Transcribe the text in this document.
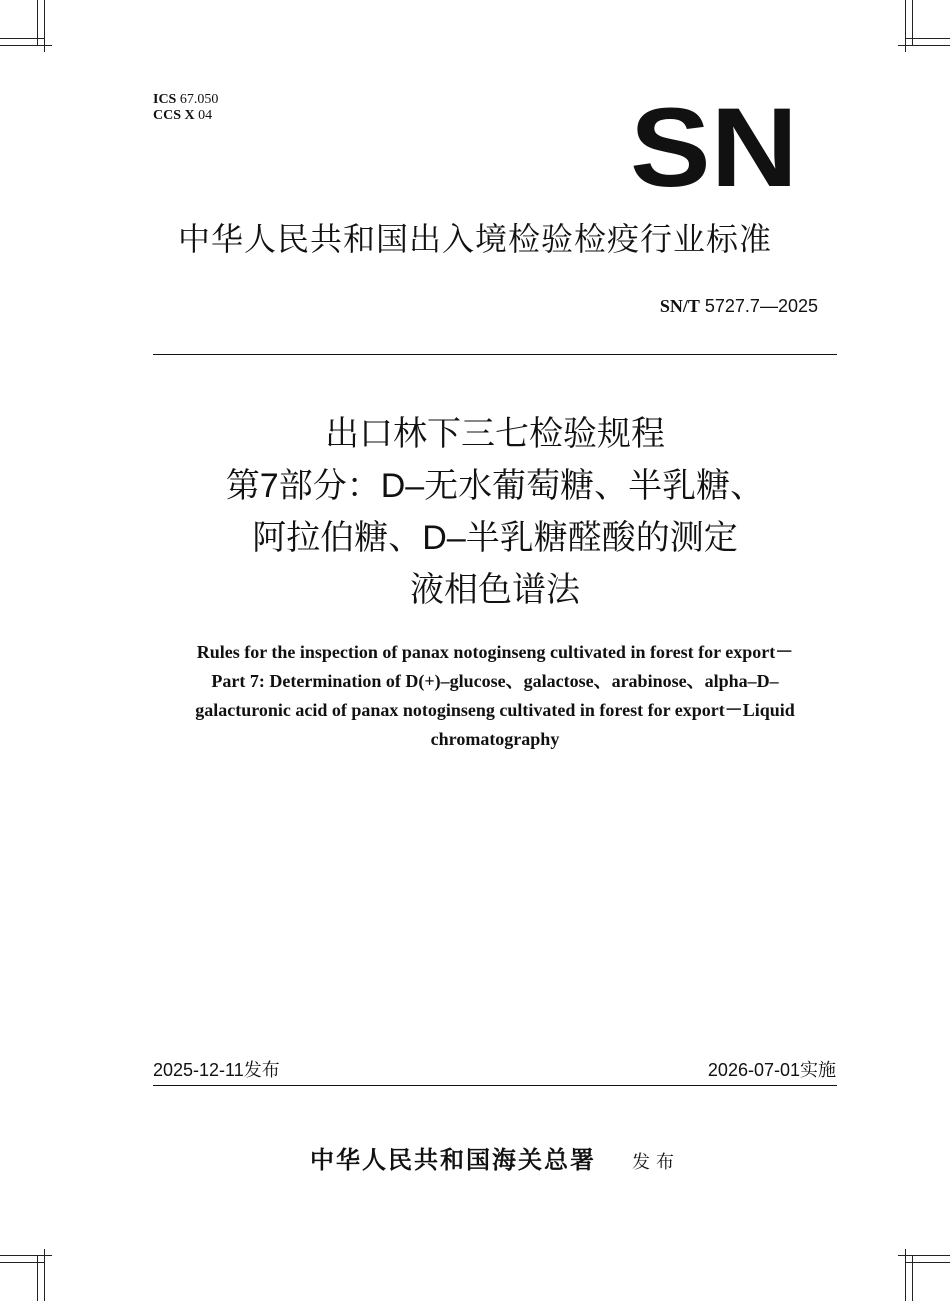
ICS 67.050
CCS X 04	SN
中华人民共和国出入境检验检疫行业标准
SN/T 5727.7—2025
出口林下三七检验规程
第7部分：D–无水葡萄糖、半乳糖、
阿拉伯糖、D–半乳糖醛酸的测定
液相色谱法
Rules for the inspection of panax notoginseng cultivated in forest for export－
Part 7: Determination of D(+)–glucose、galactose、arabinose、alpha–D–
galacturonic acid of panax notoginseng cultivated in forest for export－Liquid
chromatography
2025-12-11发布	2026-07-01实施
中华人民共和国海关总署 发布
